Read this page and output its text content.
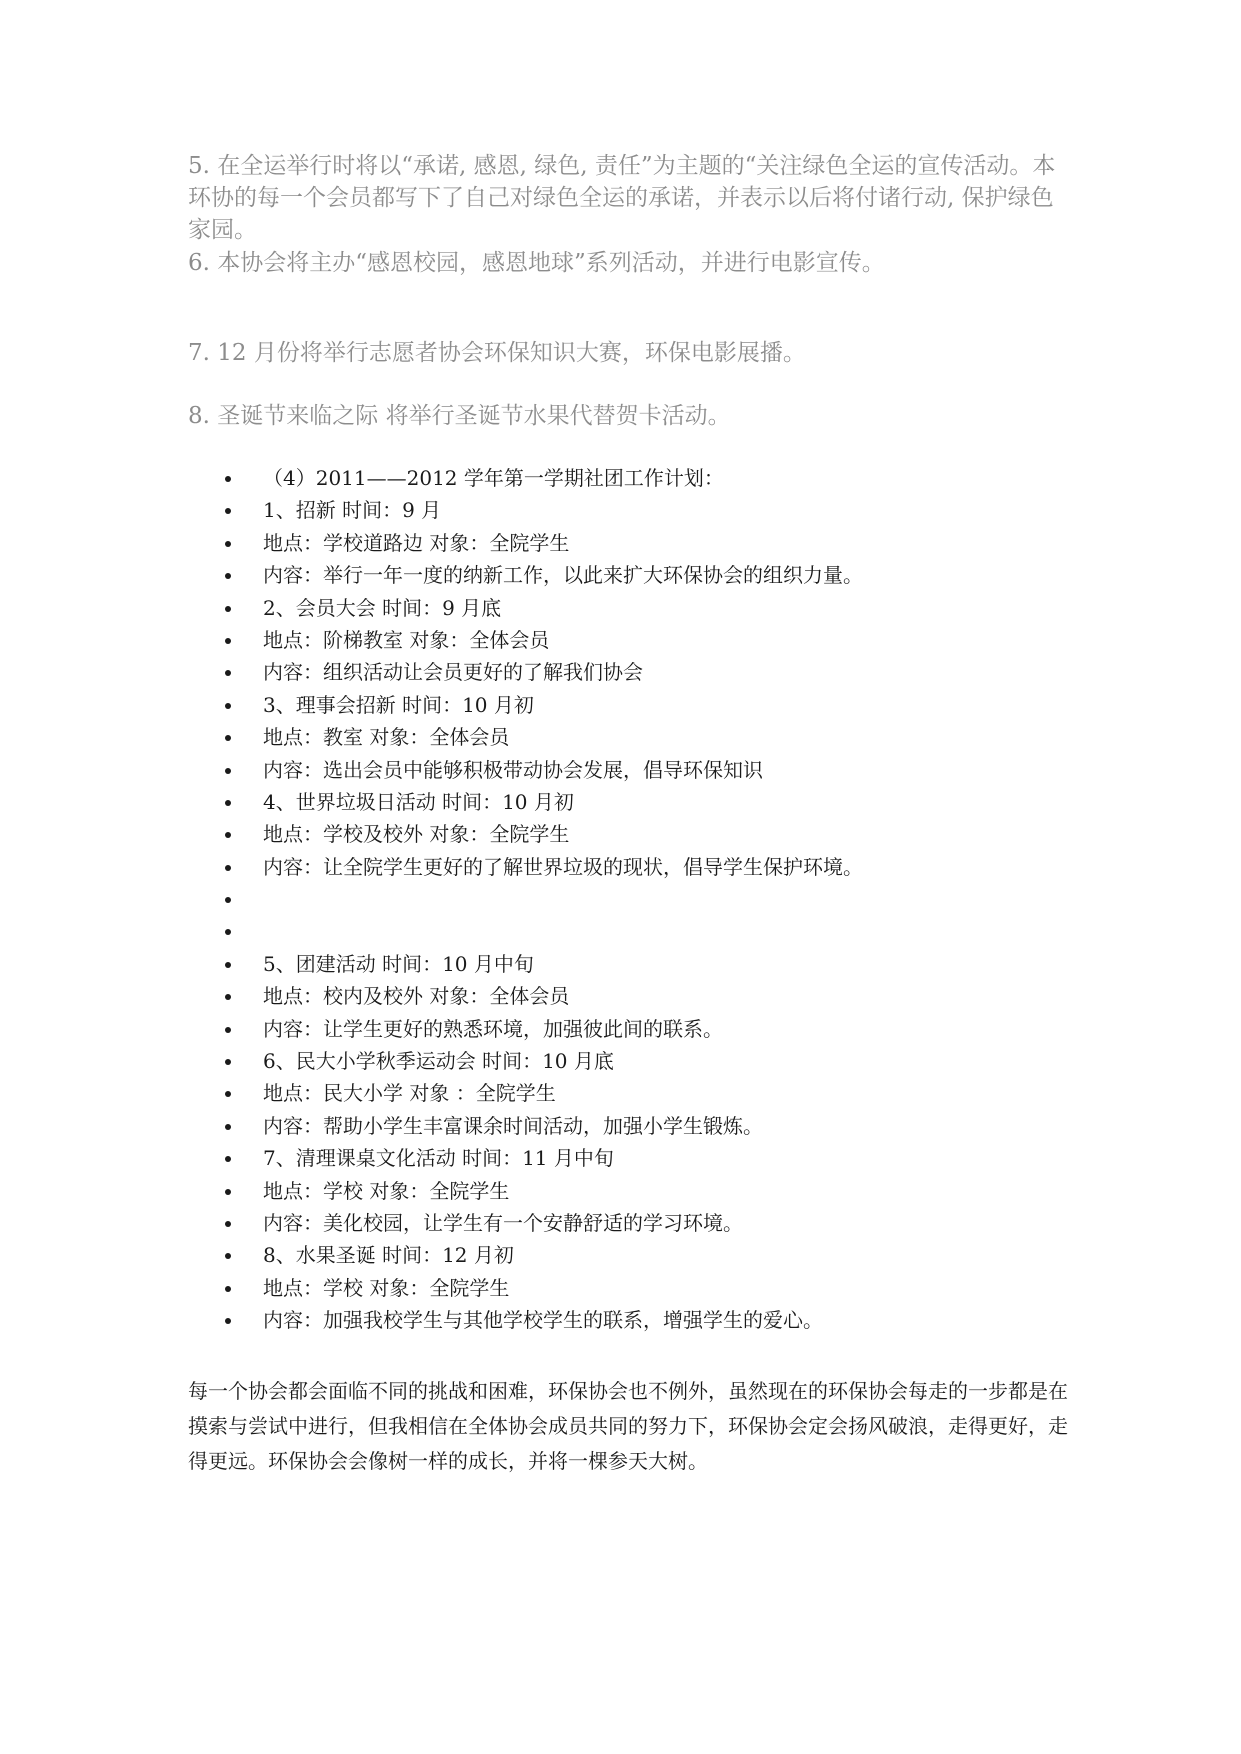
5. 在全运举行时将以“承诺, 感恩, 绿色, 责任”为主题的“关注绿色全运的宣传活动。本环协的每一个会员都写下了自己对绿色全运的承诺，并表示以后将付诸行动, 保护绿色家园。

6. 本协会将主办“感恩校园，感恩地球”系列活动，并进行电影宣传。

7. 12 月份将举行志愿者协会环保知识大赛，环保电影展播。

8. 圣诞节来临之际 将举行圣诞节水果代替贺卡活动。

（4）2011——2012 学年第一学期社团工作计划：
1、招新 时间：9 月
地点：学校道路边 对象：全院学生
内容：举行一年一度的纳新工作，以此来扩大环保协会的组织力量。
2、会员大会 时间：9 月底
地点：阶梯教室 对象：全体会员
内容：组织活动让会员更好的了解我们协会
3、理事会招新 时间：10 月初
地点：教室 对象：全体会员
内容：选出会员中能够积极带动协会发展，倡导环保知识
4、世界垃圾日活动 时间：10 月初
地点：学校及校外 对象：全院学生
内容：让全院学生更好的了解世界垃圾的现状，倡导学生保护环境。
5、团建活动 时间：10 月中旬
地点：校内及校外 对象：全体会员
内容：让学生更好的熟悉环境，加强彼此间的联系。
6、民大小学秋季运动会 时间：10 月底
地点：民大小学 对象 ：全院学生
内容：帮助小学生丰富课余时间活动，加强小学生锻炼。
7、清理课桌文化活动 时间：11 月中旬
地点：学校 对象：全院学生
内容：美化校园，让学生有一个安静舒适的学习环境。
8、水果圣诞 时间：12 月初
地点：学校 对象：全院学生
内容：加强我校学生与其他学校学生的联系，增强学生的爱心。

每一个协会都会面临不同的挑战和困难，环保协会也不例外，虽然现在的环保协会每走的一步都是在摸索与尝试中进行，但我相信在全体协会成员共同的努力下，环保协会定会扬风破浪，走得更好，走得更远。环保协会会像树一样的成长，并将一棵参天大树。
